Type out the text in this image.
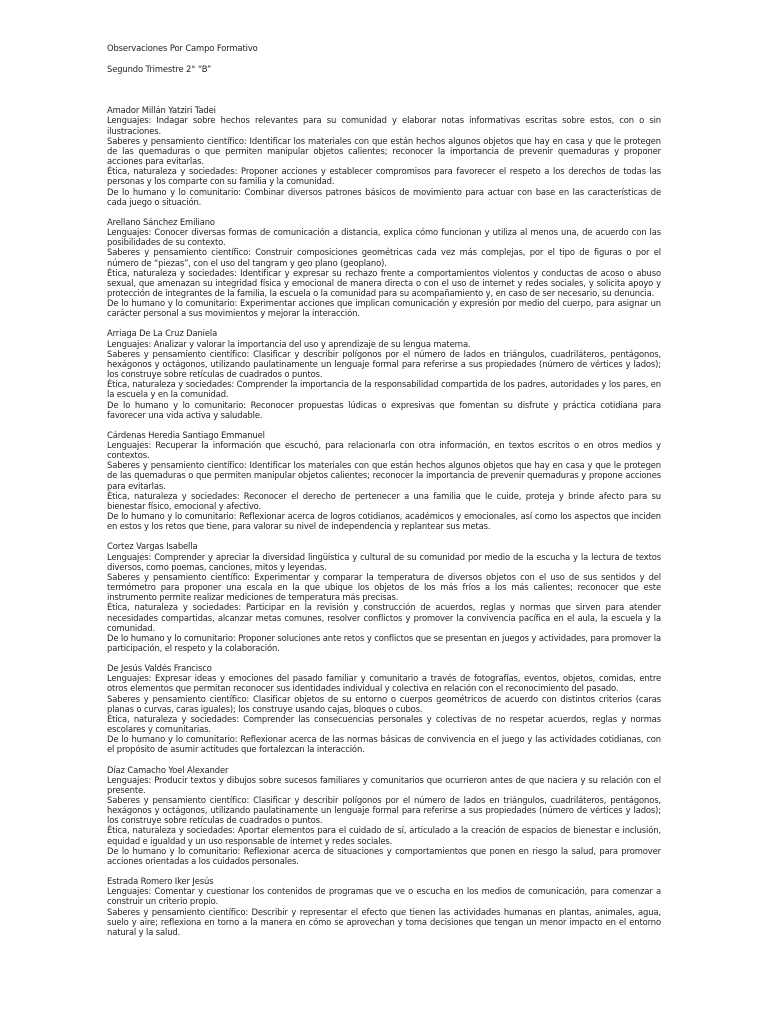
Observaciones Por Campo Formativo
Segundo Trimestre 2° “B”

Amador Millán Yatziri Tadei

Lenguajes: Indagar sobre hechos relevantes para su comunidad y elaborar notas informativas escritas sobre estos, con o sin ilustraciones.

Saberes y pensamiento científico: Identificar los materiales con que están hechos algunos objetos que hay en casa y que le protegen de las quemaduras o que permiten manipular objetos calientes; reconocer la importancia de prevenir quemaduras y proponer acciones para evitarlas.

Ética, naturaleza y sociedades: Proponer acciones y establecer compromisos para favorecer el respeto a los derechos de todas las personas y los comparte con su familia y la comunidad.

De lo humano y lo comunitario: Combinar diversos patrones básicos de movimiento para actuar con base en las características de cada juego o situación.

Arellano Sánchez Emiliano

Lenguajes: Conocer diversas formas de comunicación a distancia, explica cómo funcionan y utiliza al menos una, de acuerdo con las posibilidades de su contexto.

Saberes y pensamiento científico: Construir composiciones geométricas cada vez más complejas, por el tipo de figuras o por el número de “piezas”, con el uso del tangram y geo plano (geoplano).

Ética, naturaleza y sociedades: Identificar y expresar su rechazo frente a comportamientos violentos y conductas de acoso o abuso sexual, que amenazan su integridad física y emocional de manera directa o con el uso de internet y redes sociales, y solicita apoyo y protección de integrantes de la familia, la escuela o la comunidad para su acompañamiento y, en caso de ser necesario, su denuncia.

De lo humano y lo comunitario: Experimentar acciones que implican comunicación y expresión por medio del cuerpo, para asignar un carácter personal a sus movimientos y mejorar la interacción.

Arriaga De La Cruz Daniela

Lenguajes: Analizar y valorar la importancia del uso y aprendizaje de su lengua materna.

Saberes y pensamiento científico: Clasificar y describir polígonos por el número de lados en triángulos, cuadriláteros, pentágonos, hexágonos y octágonos, utilizando paulatinamente un lenguaje formal para referirse a sus propiedades (número de vértices y lados); los construye sobre retículas de cuadrados o puntos.

Ética, naturaleza y sociedades: Comprender la importancia de la responsabilidad compartida de los padres, autoridades y los pares, en la escuela y en la comunidad.

De lo humano y lo comunitario: Reconocer propuestas lúdicas o expresivas que fomentan su disfrute y práctica cotidiana para favorecer una vida activa y saludable.

Cárdenas Heredia Santiago Emmanuel

Lenguajes: Recuperar la información que escuchó, para relacionarla con otra información, en textos escritos o en otros medios y contextos.

Saberes y pensamiento científico: Identificar los materiales con que están hechos algunos objetos que hay en casa y que le protegen de las quemaduras o que permiten manipular objetos calientes; reconocer la importancia de prevenir quemaduras y propone acciones para evitarlas.

Ética, naturaleza y sociedades: Reconocer el derecho de pertenecer a una familia que le cuide, proteja y brinde afecto para su bienestar físico, emocional y afectivo.

De lo humano y lo comunitario: Reflexionar acerca de logros cotidianos, académicos y emocionales, así como los aspectos que inciden en estos y los retos que tiene, para valorar su nivel de independencia y replantear sus metas.

Cortez Vargas Isabella

Lenguajes: Comprender y apreciar la diversidad lingüística y cultural de su comunidad por medio de la escucha y la lectura de textos diversos, como poemas, canciones, mitos y leyendas.

Saberes y pensamiento científico: Experimentar y comparar la temperatura de diversos objetos con el uso de sus sentidos y del termómetro para proponer una escala en la que ubique los objetos de los más fríos a los más calientes; reconocer que este instrumento permite realizar mediciones de temperatura más precisas.

Ética, naturaleza y sociedades: Participar en la revisión y construcción de acuerdos, reglas y normas que sirven para atender necesidades compartidas, alcanzar metas comunes, resolver conflictos y promover la convivencia pacífica en el aula, la escuela y la comunidad.

De lo humano y lo comunitario: Proponer soluciones ante retos y conflictos que se presentan en juegos y actividades, para promover la participación, el respeto y la colaboración.

De Jesús Valdés Francisco

Lenguajes: Expresar ideas y emociones del pasado familiar y comunitario a través de fotografías, eventos, objetos, comidas, entre otros elementos que permitan reconocer sus identidades individual y colectiva en relación con el reconocimiento del pasado.

Saberes y pensamiento científico: Clasificar objetos de su entorno o cuerpos geométricos de acuerdo con distintos criterios (caras planas o curvas, caras iguales); los construye usando cajas, bloques o cubos.

Ética, naturaleza y sociedades: Comprender las consecuencias personales y colectivas de no respetar acuerdos, reglas y normas escolares y comunitarias.

De lo humano y lo comunitario: Reflexionar acerca de las normas básicas de convivencia en el juego y las actividades cotidianas, con el propósito de asumir actitudes que fortalezcan la interacción.

Díaz Camacho Yoel Alexander

Lenguajes: Producir textos y dibujos sobre sucesos familiares y comunitarios que ocurrieron antes de que naciera y su relación con el presente.

Saberes y pensamiento científico: Clasificar y describir polígonos por el número de lados en triángulos, cuadriláteros, pentágonos, hexágonos y octágonos, utilizando paulatinamente un lenguaje formal para referirse a sus propiedades (número de vértices y lados); los construye sobre retículas de cuadrados o puntos.

Ética, naturaleza y sociedades: Aportar elementos para el cuidado de sí, articulado a la creación de espacios de bienestar e inclusión, equidad e igualdad y un uso responsable de internet y redes sociales.

De lo humano y lo comunitario: Reflexionar acerca de situaciones y comportamientos que ponen en riesgo la salud, para promover acciones orientadas a los cuidados personales.

Estrada Romero Iker Jesús

Lenguajes: Comentar y cuestionar los contenidos de programas que ve o escucha en los medios de comunicación, para comenzar a construir un criterio propio.

Saberes y pensamiento científico: Describir y representar el efecto que tienen las actividades humanas en plantas, animales, agua, suelo y aire; reflexiona en torno a la manera en cómo se aprovechan y toma decisiones que tengan un menor impacto en el entorno natural y la salud.
